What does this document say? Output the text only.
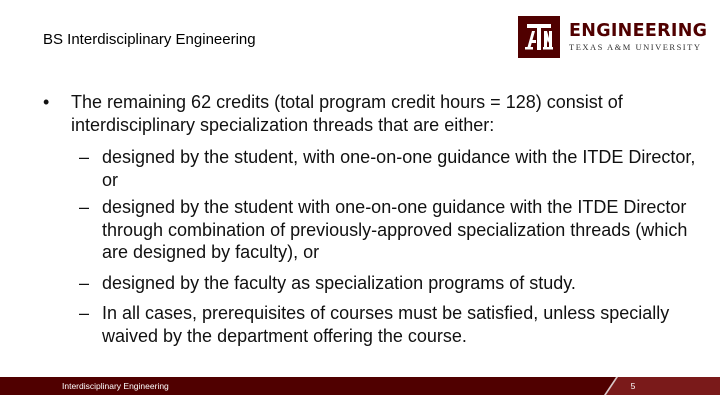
BS Interdisciplinary Engineering	ENGINEERING
TEXAS A&M UNIVERSITY
• The remaining 62 credits (total program credit hours = 128) consist of interdisciplinary specialization threads that are either:
– designed by the student, with one-on-one guidance with the ITDE Director, or
– designed by the student with one-on-one guidance with the ITDE Director through combination of previously-approved specialization threads (which are designed by faculty), or
– designed by the faculty as specialization programs of study.
– In all cases, prerequisites of courses must be satisfied, unless specially waived by the department offering the course.
Interdisciplinary Engineering	5
